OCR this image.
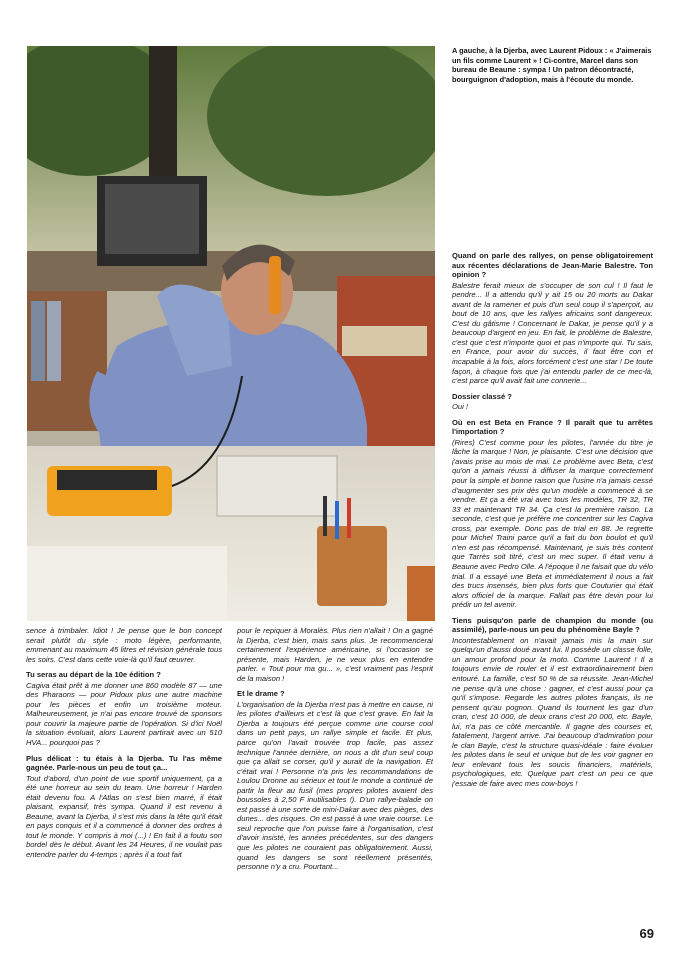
A gauche, à la Djerba, avec Laurent Pidoux : « J'aimerais un fils comme Laurent » ! Ci-contre, Marcel dans son bureau de Beaune : sympa ! Un patron décontracté, bourguignon d'adoption, mais à l'écoute du monde.

sence à trimbaler. Idiot ! Je pense que le bon concept serait plutôt du style : moto légère, performante, emmenant au maximum 45 litres et révision générale tous les soirs. C'est dans cette voie-là qu'il faut œuvrer.

Tu seras au départ de la 10e édition ?

Cagiva était prêt à me donner une 860 modèle 87 — une des Pharaons — pour Pidoux plus une autre machine pour les pièces et enfin un troisième moteur. Malheureusement, je n'ai pas encore trouvé de sponsors pour couvrir la majeure partie de l'opération. Si d'ici Noël la situation évoluait, alors Laurent partirait avec un 510 HVA... pourquoi pas ?

Plus délicat : tu étais à la Djerba. Tu l'as même gagnée. Parle-nous un peu de tout ça...

Tout d'abord, d'un point de vue sportif uniquement, ça a été une horreur au sein du team. Une horreur ! Harden était devenu fou. A l'Atlas on s'est bien marré, il était plaisant, expansif, très sympa. Quand il est revenu à Beaune, avant la Djerba, il s'est mis dans la tête qu'il était en pays conquis et il a commencé à donner des ordres à tout le monde. Y compris à moi (...) ! En fait il a foutu son bordel dès le début. Avant les 24 Heures, il ne voulait pas entendre parler du 4-temps ; après il a tout fait

pour le repiquer à Moralès. Plus rien n'allait ! On a gagné la Djerba, c'est bien, mais sans plus. Je recommencerai certainement l'expérience américaine, si l'occasion se présente, mais Harden, je ne veux plus en entendre parler. « Tout pour ma gu... », c'est vraiment pas l'esprit de la maison !

Et le drame ?

L'organisation de la Djerba n'est pas à mettre en cause, ni les pilotes d'ailleurs et c'est là que c'est grave. En fait la Djerba a toujours été perçue comme une course cool dans un petit pays, un rallye simple et facile. Et plus, parce qu'on l'avait trouvée trop facile, pas assez technique l'année dernière, on nous a dit d'un seul coup que ça allait se corser, qu'il y aurait de la navigation. Et c'était vrai ! Personne n'a pris les recommandations de Loulou Dronne au sérieux et tout le monde a continué de partir la fleur au fusil (mes propres pilotes avaient des boussoles à 2,50 F inutilisables !). D'un rallye-balade on est passé à une sorte de mini-Dakar avec des pièges, des dunes... des risques. On est passé à une vraie course. Le seul reproche que l'on puisse faire à l'organisation, c'est d'avoir insisté, les années précédentes, sur des dangers que les pilotes ne couraient pas obligatoirement. Aussi, quand les dangers se sont réellement présentés, personne n'y a cru. Pourtant...

Quand on parle des rallyes, on pense obligatoirement aux récentes déclarations de Jean-Marie Balestre. Ton opinion ?

Balestre ferait mieux de s'occuper de son cul ! Il faut le pendre... Il a attendu qu'il y ait 15 ou 20 morts au Dakar avant de la ramener et puis d'un seul coup il s'aperçoit, au bout de 10 ans, que les rallyes africains sont dangereux. C'est du gâtisme ! Concernant le Dakar, je pense qu'il y a beaucoup d'argent en jeu. En fait, le problème de Balestre, c'est que c'est n'importe quoi et pas n'importe qui. Tu sais, en France, pour avoir du succès, il faut être con et incapable à la fois, alors forcément c'est une star ! De toute façon, à chaque fois que j'ai entendu parler de ce mec-là, c'est parce qu'il avait fait une connerie...

Dossier classé ?

Oui !

Où en est Beta en France ? Il paraît que tu arrêtes l'importation ?

(Rires) C'est comme pour les pilotes, l'année du titre je lâche la marque ! Non, je plaisante. C'est une décision que j'avais prise au mois de mai. Le problème avec Beta, c'est qu'on a jamais réussi à diffuser la marque correctement pour la simple et bonne raison que l'usine n'a jamais cessé d'augmenter ses prix dès qu'un modèle a commencé à se vendre. Et ça a été vrai avec tous les modèles, TR 32, TR 33 et maintenant TR 34. Ça c'est la première raison. La seconde, c'est que je préfère me concentrer sur les Cagiva cross, par exemple. Donc pas de trial en 88. Je regrette pour Michel Traini parce qu'il a fait du bon boulot et qu'il n'en est pas récompensé. Maintenant, je suis très content que Tarrès soit titré, c'est un mec super. Il était venu à Beaune avec Pedro Olle. A l'époque il ne faisait que du vélo trial. Il a essayé une Beta et immédiatement il nous a fait des trucs insensés, bien plus forts que Couturier qui était alors officiel de la marque. Fallait pas être devin pour lui prédir un tel avenir.

Tiens puisqu'on parle de champion du monde (ou assimilé), parle-nous un peu du phénomène Bayle ?

Incontestablement on n'avait jamais mis la main sur quelqu'un d'aussi doué avant lui. Il possède un classe folle, un amour profond pour la moto. Comme Laurent ! Il a toujours envie de rouler et il est extraordinairement bien entouré. La famille, c'est 50 % de sa réussite. Jean-Michel ne pense qu'à une chose : gagner, et c'est aussi pour ça qu'il s'impose. Regarde les autres pilotes français, ils ne pensent qu'au pognon. Quand ils tournent les gaz d'un cran, c'est 10 000, de deux crans c'est 20 000, etc. Bayle, lui, n'a pas ce côté mercantile. Il gagne des courses et, fatalement, l'argent arrive. J'ai beaucoup d'admiration pour le clan Bayle, c'est la structure quasi-idéale : faire évoluer les pilotes dans le seul et unique but de les voir gagner en leur enlevant tous les soucis financiers, matériels, psychologiques, etc. Quelque part c'est un peu ce que j'essaie de faire avec mes cow-boys !

69
